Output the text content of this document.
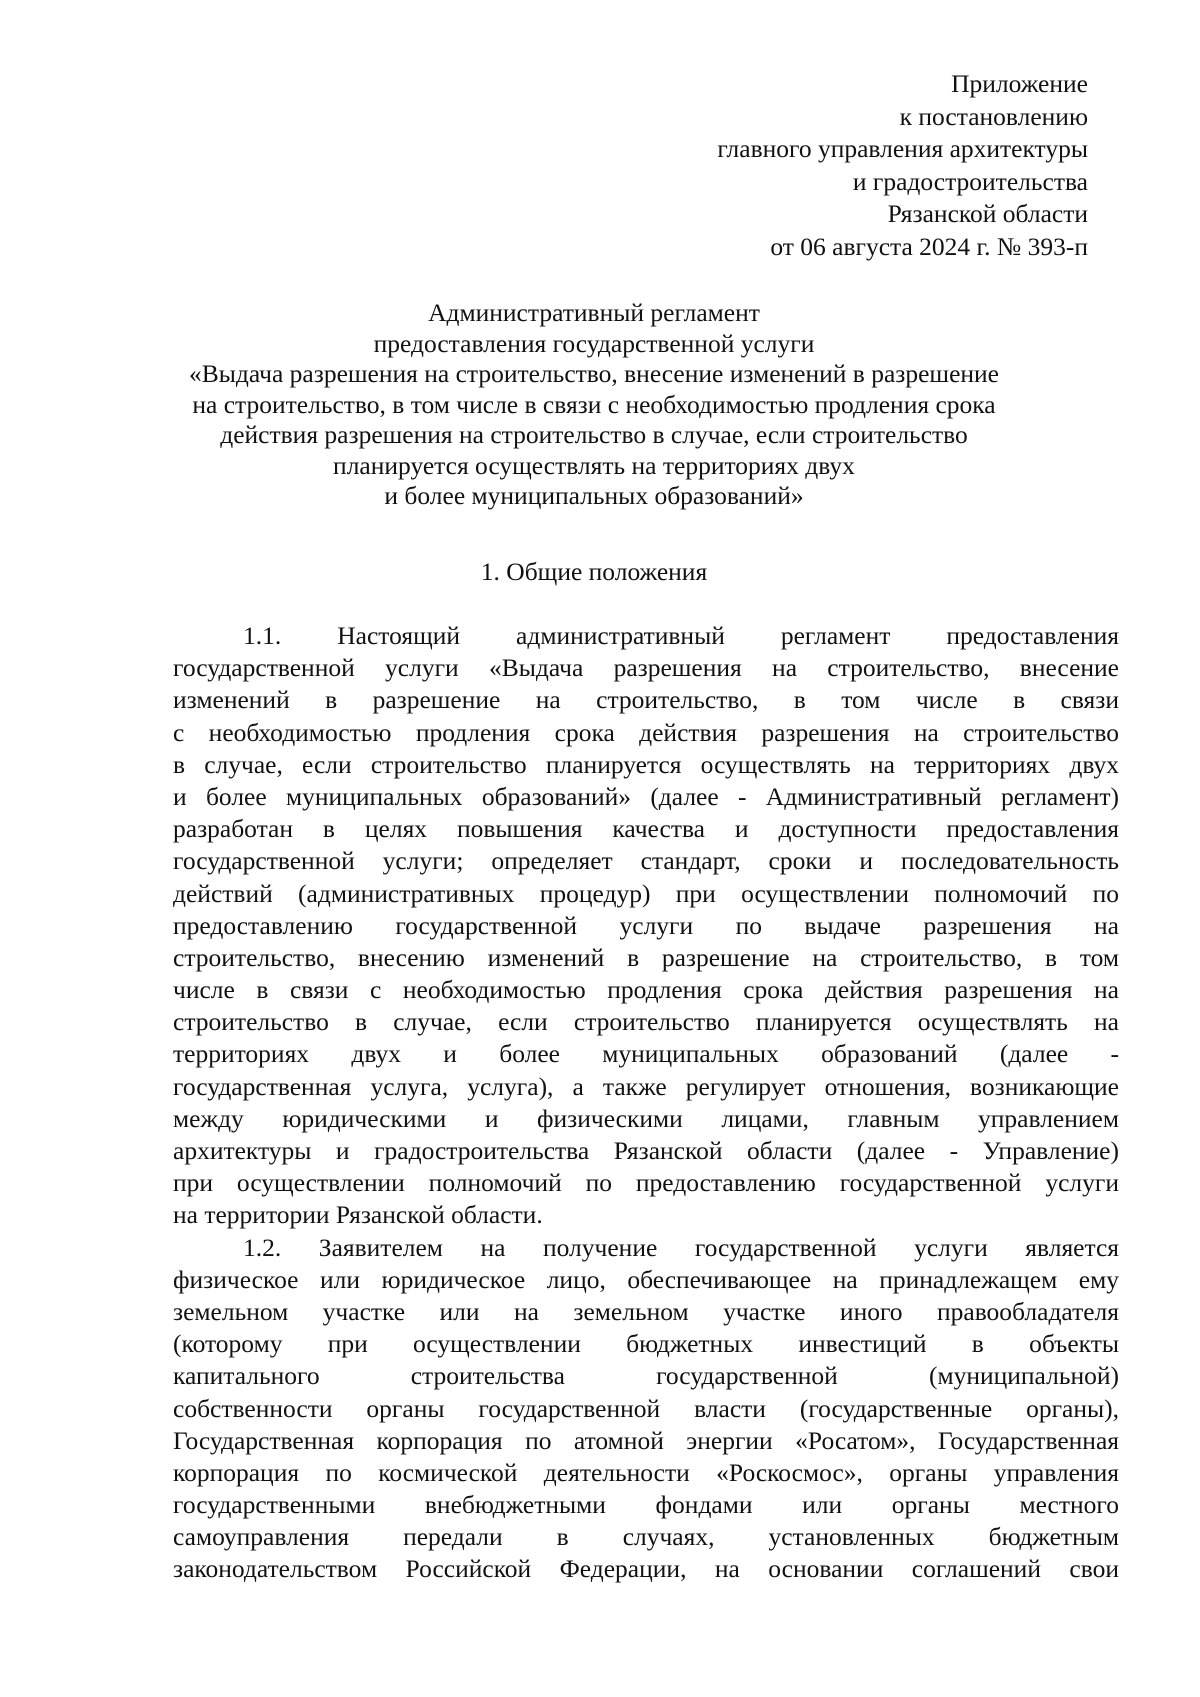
Приложение
к постановлению
главного управления архитектуры
и градостроительства
Рязанской области
от 06 августа 2024 г. № 393-п
Административный регламент
предоставления государственной услуги
«Выдача разрешения на строительство, внесение изменений в разрешение
на строительство, в том числе в связи с необходимостью продления срока
действия разрешения на строительство в случае, если строительство
планируется осуществлять на территориях двух
и более муниципальных образований»
1. Общие положения
1.1. Настоящий административный регламент предоставления
государственной услуги «Выдача разрешения на строительство, внесение
изменений в разрешение на строительство, в том числе в связи
с необходимостью продления срока действия разрешения на строительство
в случае, если строительство планируется осуществлять на территориях двух
и более муниципальных образований» (далее - Административный регламент)
разработан в целях повышения качества и доступности предоставления
государственной услуги; определяет стандарт, сроки и последовательность
действий (административных процедур) при осуществлении полномочий по
предоставлению государственной услуги по выдаче разрешения на
строительство, внесению изменений в разрешение на строительство, в том
числе в связи с необходимостью продления срока действия разрешения на
строительство в случае, если строительство планируется осуществлять на
территориях двух и более муниципальных образований (далее -
государственная услуга, услуга), а также регулирует отношения, возникающие
между юридическими и физическими лицами, главным управлением
архитектуры и градостроительства Рязанской области (далее - Управление)
при осуществлении полномочий по предоставлению государственной услуги
на территории Рязанской области.
1.2. Заявителем на получение государственной услуги является
физическое или юридическое лицо, обеспечивающее на принадлежащем ему
земельном участке или на земельном участке иного правообладателя
(которому при осуществлении бюджетных инвестиций в объекты
капитального строительства государственной (муниципальной)
собственности органы государственной власти (государственные органы),
Государственная корпорация по атомной энергии «Росатом», Государственная
корпорация по космической деятельности «Роскосмос», органы управления
государственными внебюджетными фондами или органы местного
самоуправления передали в случаях, установленных бюджетным
законодательством Российской Федерации, на основании соглашений свои
